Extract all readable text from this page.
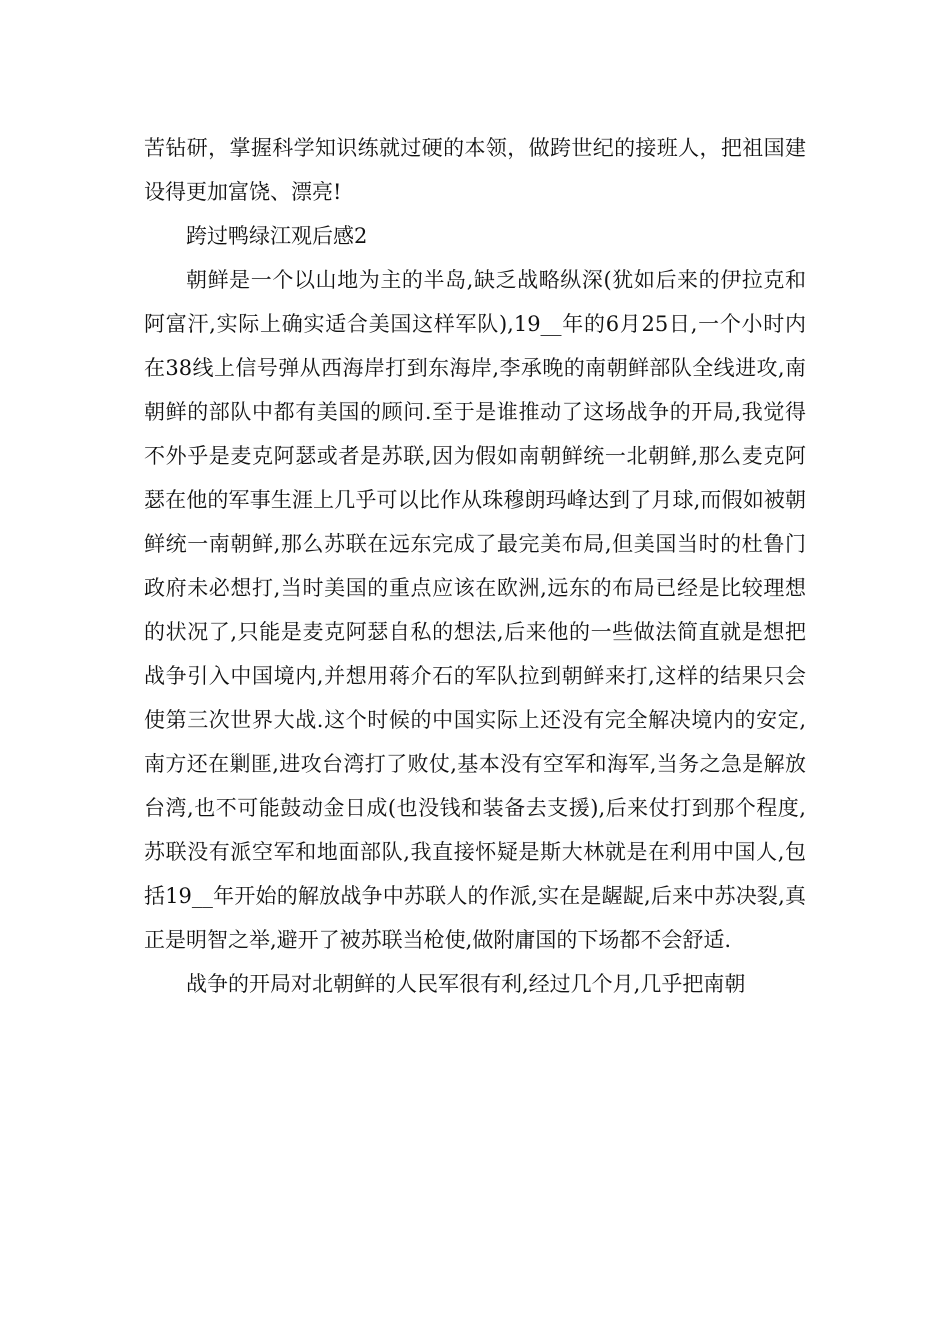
苦钻研，掌握科学知识练就过硬的本领，做跨世纪的接班人，把祖国建设得更加富饶、漂亮!

跨过鸭绿江观后感2

朝鲜是一个以山地为主的半岛,缺乏战略纵深(犹如后来的伊拉克和阿富汗,实际上确实适合美国这样军队),19__年的6月25日,一个小时内在38线上信号弹从西海岸打到东海岸,李承晚的南朝鲜部队全线进攻,南朝鲜的部队中都有美国的顾问.至于是谁推动了这场战争的开局,我觉得不外乎是麦克阿瑟或者是苏联,因为假如南朝鲜统一北朝鲜,那么麦克阿瑟在他的军事生涯上几乎可以比作从珠穆朗玛峰达到了月球,而假如被朝鲜统一南朝鲜,那么苏联在远东完成了最完美布局,但美国当时的杜鲁门政府未必想打,当时美国的重点应该在欧洲,远东的布局已经是比较理想的状况了,只能是麦克阿瑟自私的想法,后来他的一些做法简直就是想把战争引入中国境内,并想用蒋介石的军队拉到朝鲜来打,这样的结果只会使第三次世界大战.这个时候的中国实际上还没有完全解决境内的安定,南方还在剿匪,进攻台湾打了败仗,基本没有空军和海军,当务之急是解放台湾,也不可能鼓动金日成(也没钱和装备去支援),后来仗打到那个程度,苏联没有派空军和地面部队,我直接怀疑是斯大林就是在利用中国人,包括19__年开始的解放战争中苏联人的作派,实在是龌龊,后来中苏决裂,真正是明智之举,避开了被苏联当枪使,做附庸国的下场都不会舒适.

战争的开局对北朝鲜的人民军很有利,经过几个月,几乎把南朝
